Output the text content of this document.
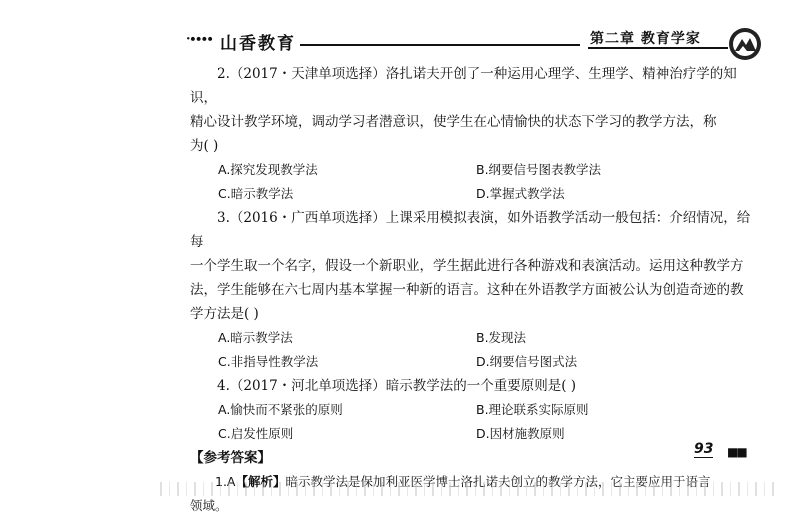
·∙∙∙∙ 山香教育	第二章 教育学家

2.（2017・天津单项选择）洛扎诺夫开创了一种运用心理学、生理学、精神治疗学的知识，

精心设计教学环境，调动学习者潜意识，使学生在心情愉快的状态下学习的教学方法，称

为( )

A.探究发现教学法	B.纲要信号图表教学法
C.暗示教学法	D.掌握式教学法

3.（2016・广西单项选择）上课采用模拟表演，如外语教学活动一般包括：介绍情况，给每

一个学生取一个名字，假设一个新职业，学生据此进行各种游戏和表演活动。运用这种教学方

法，学生能够在六七周内基本掌握一种新的语言。这种在外语教学方面被公认为创造奇迹的教

学方法是( )

A.暗示教学法	B.发现法
C.非指导性教学法	D.纲要信号图式法

4.（2017・河北单项选择）暗示教学法的一个重要原则是( )

A.愉快而不紧张的原则	B.理论联系实际原则
C.启发性原则	D.因材施教原则

【参考答案】

1.A【解析】暗示教学法是保加利亚医学博士洛扎诺夫创立的教学方法，它主要应用于语言

领域。

93 ■■
